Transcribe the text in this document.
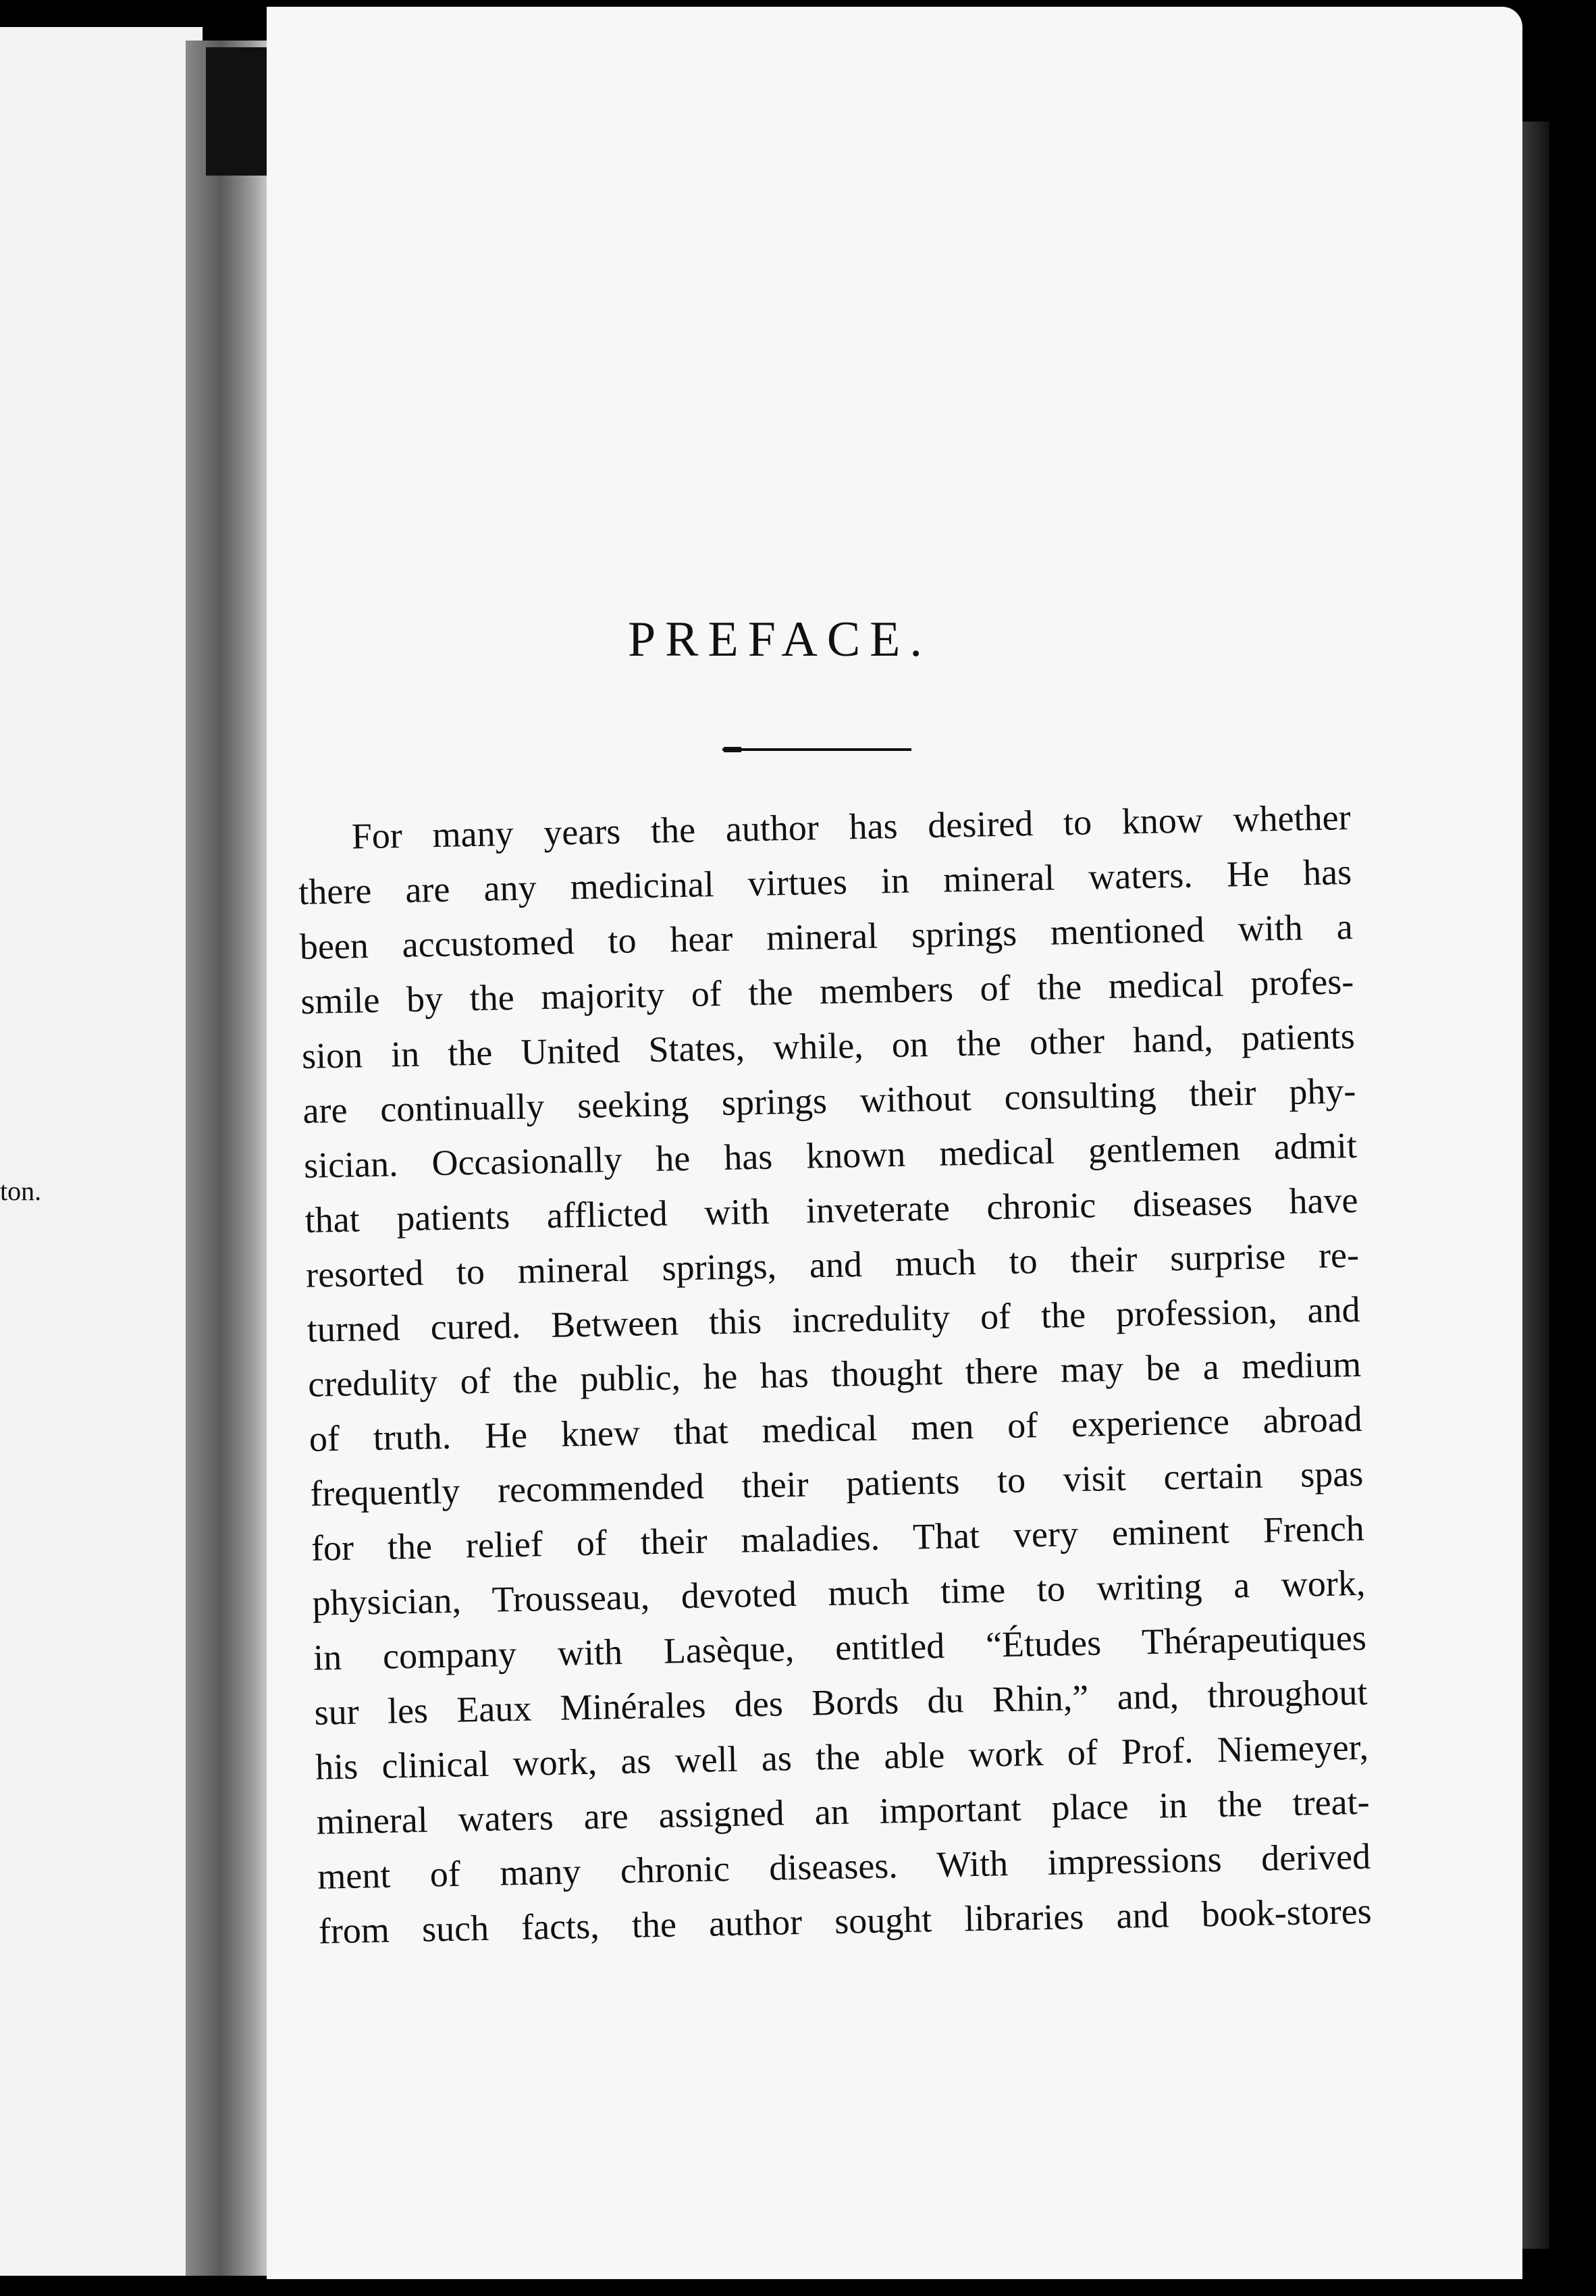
ton.
PREFACE.
For many years the author has desired to know whether
there are any medicinal virtues in mineral waters. He has
been accustomed to hear mineral springs mentioned with a
smile by the majority of the members of the medical profes-
sion in the United States, while, on the other hand, patients
are continually seeking springs without consulting their phy-
sician. Occasionally he has known medical gentlemen admit
that patients afflicted with inveterate chronic diseases have
resorted to mineral springs, and much to their surprise re-
turned cured. Between this incredulity of the profession, and
credulity of the public, he has thought there may be a medium
of truth. He knew that medical men of experience abroad
frequently recommended their patients to visit certain spas
for the relief of their maladies. That very eminent French
physician, Trousseau, devoted much time to writing a work,
in company with Lasèque, entitled “Études Thérapeutiques
sur les Eaux Minérales des Bords du Rhin,” and, throughout
his clinical work, as well as the able work of Prof. Niemeyer,
mineral waters are assigned an important place in the treat-
ment of many chronic diseases. With impressions derived
from such facts, the author sought libraries and book-stores
